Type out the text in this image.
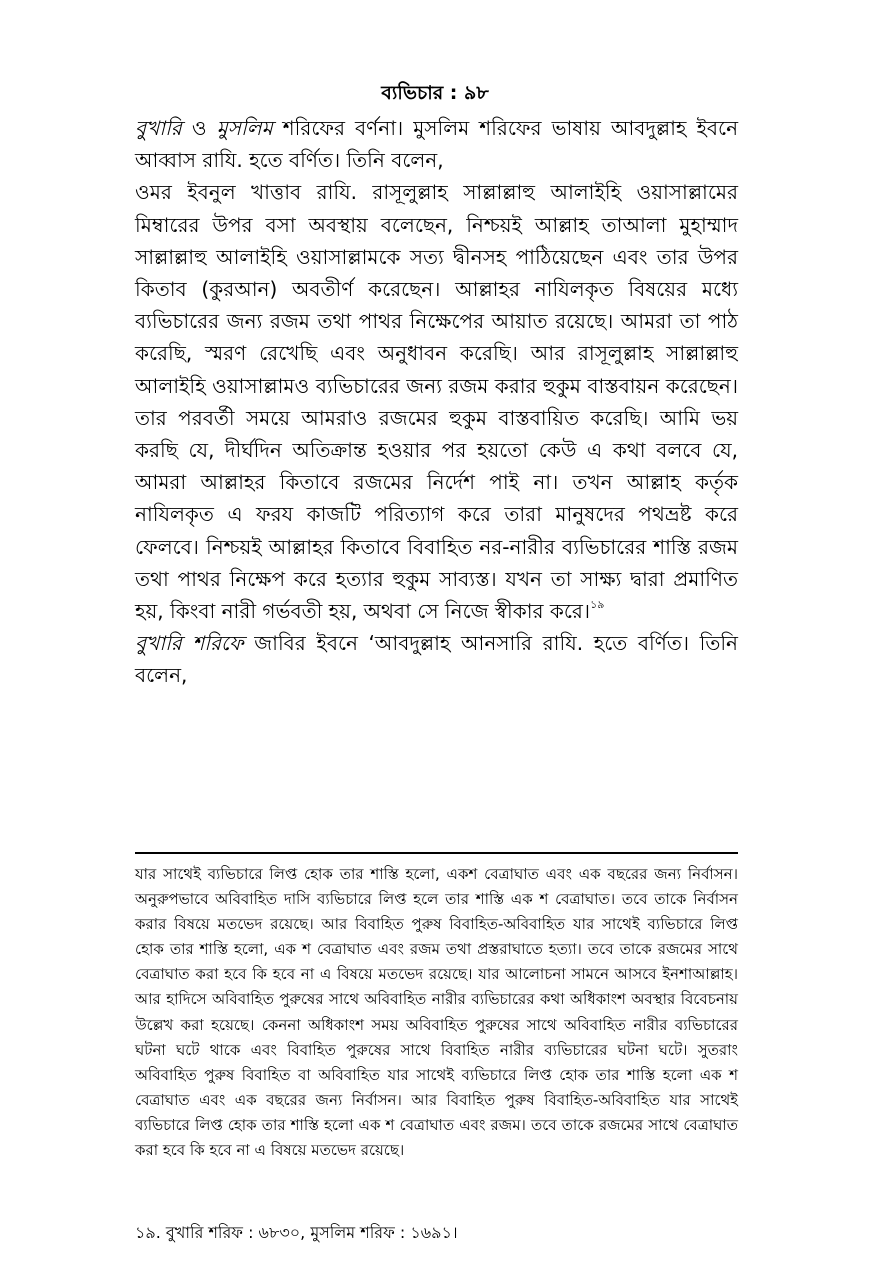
ব্যভিচার : ৯৮

বুখারি ও মুসলিম শরিফের বর্ণনা। মুসলিম শরিফের ভাষায় আবদুল্লাহ ইবনে আব্বাস রাযি. হতে বর্ণিত। তিনি বলেন,

ওমর ইবনুল খাত্তাব রাযি. রাসূলুল্লাহ সাল্লাল্লাহু আলাইহি ওয়াসাল্লামের মিম্বারের উপর বসা অবস্থায় বলেছেন, নিশ্চয়ই আল্লাহ তাআলা মুহাম্মাদ সাল্লাল্লাহু আলাইহি ওয়াসাল্লামকে সত্য দ্বীনসহ পাঠিয়েছেন এবং তার উপর কিতাব (কুরআন) অবতীর্ণ করেছেন। আল্লাহর নাযিলকৃত বিষয়ের মধ্যে ব্যভিচারের জন্য রজম তথা পাথর নিক্ষেপের আয়াত রয়েছে। আমরা তা পাঠ করেছি, স্মরণ রেখেছি এবং অনুধাবন করেছি। আর রাসূলুল্লাহ সাল্লাল্লাহু আলাইহি ওয়াসাল্লামও ব্যভিচারের জন্য রজম করার হুকুম বাস্তবায়ন করেছেন। তার পরবর্তী সময়ে আমরাও রজমের হুকুম বাস্তবায়িত করেছি। আমি ভয় করছি যে, দীর্ঘদিন অতিক্রান্ত হওয়ার পর হয়তো কেউ এ কথা বলবে যে, আমরা আল্লাহর কিতাবে রজমের নির্দেশ পাই না। তখন আল্লাহ কর্তৃক নাযিলকৃত এ ফরয কাজটি পরিত্যাগ করে তারা মানুষদের পথভ্রষ্ট করে ফেলবে। নিশ্চয়ই আল্লাহর কিতাবে বিবাহিত নর-নারীর ব্যভিচারের শাস্তি রজম তথা পাথর নিক্ষেপ করে হত্যার হুকুম সাব্যস্ত। যখন তা সাক্ষ্য দ্বারা প্রমাণিত হয়, কিংবা নারী গর্ভবতী হয়, অথবা সে নিজে স্বীকার করে।$^{১৯}$

বুখারি শরিফে জাবির ইবনে ‘আবদুল্লাহ আনসারি রাযি. হতে বর্ণিত। তিনি বলেন,

যার সাথেই ব্যভিচারে লিপ্ত হোক তার শাস্তি হলো, একশ বেত্রাঘাত এবং এক বছরের জন্য নির্বাসন। অনুরুপভাবে অবিবাহিত দাসি ব্যভিচারে লিপ্ত হলে তার শাস্তি এক শ বেত্রাঘাত। তবে তাকে নির্বাসন করার বিষয়ে মতভেদ রয়েছে। আর বিবাহিত পুরুষ বিবাহিত-অবিবাহিত যার সাথেই ব্যভিচারে লিপ্ত হোক তার শাস্তি হলো, এক শ বেত্রাঘাত এবং রজম তথা প্রস্তরাঘাতে হত্যা। তবে তাকে রজমের সাথে বেত্রাঘাত করা হবে কি হবে না এ বিষয়ে মতভেদ রয়েছে। যার আলোচনা সামনে আসবে ইনশাআল্লাহ। আর হাদিসে অবিবাহিত পুরুষের সাথে অবিবাহিত নারীর ব্যভিচারের কথা অধিকাংশ অবস্থার বিবেচনায় উল্লেখ করা হয়েছে। কেননা অধিকাংশ সময় অবিবাহিত পুরুষের সাথে অবিবাহিত নারীর ব্যভিচারের ঘটনা ঘটে থাকে এবং বিবাহিত পুরুষের সাথে বিবাহিত নারীর ব্যভিচারের ঘটনা ঘটে। সুতরাং অবিবাহিত পুরুষ বিবাহিত বা অবিবাহিত যার সাথেই ব্যভিচারে লিপ্ত হোক তার শাস্তি হলো এক শ বেত্রাঘাত এবং এক বছরের জন্য নির্বাসন। আর বিবাহিত পুরুষ বিবাহিত-অবিবাহিত যার সাথেই ব্যভিচারে লিপ্ত হোক তার শাস্তি হলো এক শ বেত্রাঘাত এবং রজম। তবে তাকে রজমের সাথে বেত্রাঘাত করা হবে কি হবে না এ বিষয়ে মতভেদ রয়েছে।

১৯. বুখারি শরিফ : ৬৮৩০, মুসলিম শরিফ : ১৬৯১।
